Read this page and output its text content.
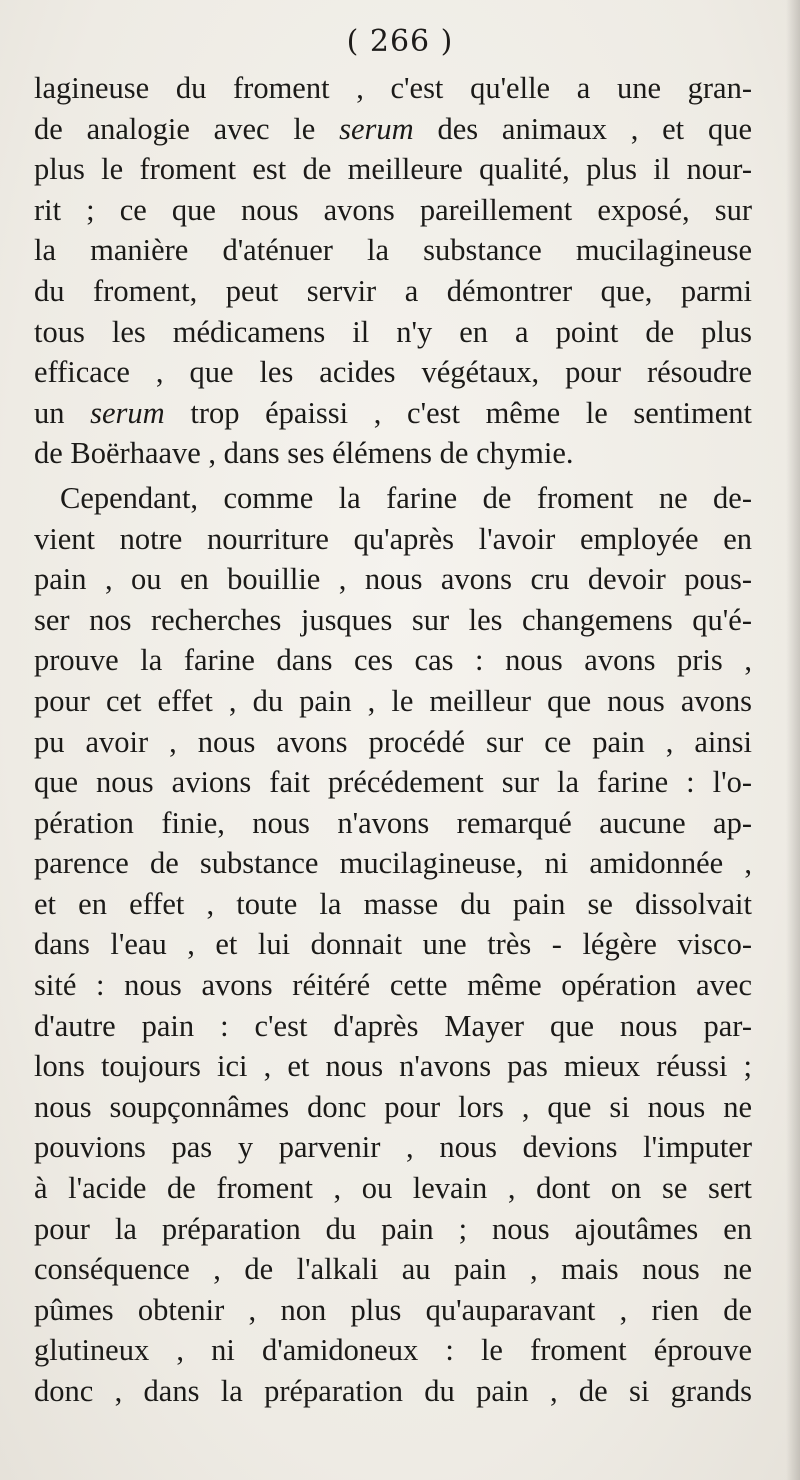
( 266 )
lagineuse du froment , c'est qu'elle a une gran-
de analogie avec le serum des animaux , et que
plus le froment est de meilleure qualité, plus il nour-
rit ; ce que nous avons pareillement exposé, sur
la manière d'aténuer la substance mucilagineuse
du froment, peut servir a démontrer que, parmi
tous les médicamens il n'y en a point de plus
efficace , que les acides végétaux, pour résoudre
un serum trop épaissi , c'est même le sentiment
de Boërhaave , dans ses élémens de chymie.
Cependant, comme la farine de froment ne de-
vient notre nourriture qu'après l'avoir employée en
pain , ou en bouillie , nous avons cru devoir pous-
ser nos recherches jusques sur les changemens qu'é-
prouve la farine dans ces cas : nous avons pris ,
pour cet effet , du pain , le meilleur que nous avons
pu avoir , nous avons procédé sur ce pain , ainsi
que nous avions fait précédement sur la farine : l'o-
pération finie, nous n'avons remarqué aucune ap-
parence de substance mucilagineuse, ni amidonnée ,
et en effet , toute la masse du pain se dissolvait
dans l'eau , et lui donnait une très - légère visco-
sité : nous avons réitéré cette même opération avec
d'autre pain : c'est d'après Mayer que nous par-
lons toujours ici , et nous n'avons pas mieux réussi ;
nous soupçonnâmes donc pour lors , que si nous ne
pouvions pas y parvenir , nous devions l'imputer
à l'acide de froment , ou levain , dont on se sert
pour la préparation du pain ; nous ajoutâmes en
conséquence , de l'alkali au pain , mais nous ne
pûmes obtenir , non plus qu'auparavant , rien de
glutineux , ni d'amidoneux : le froment éprouve
donc , dans la préparation du pain , de si grands
